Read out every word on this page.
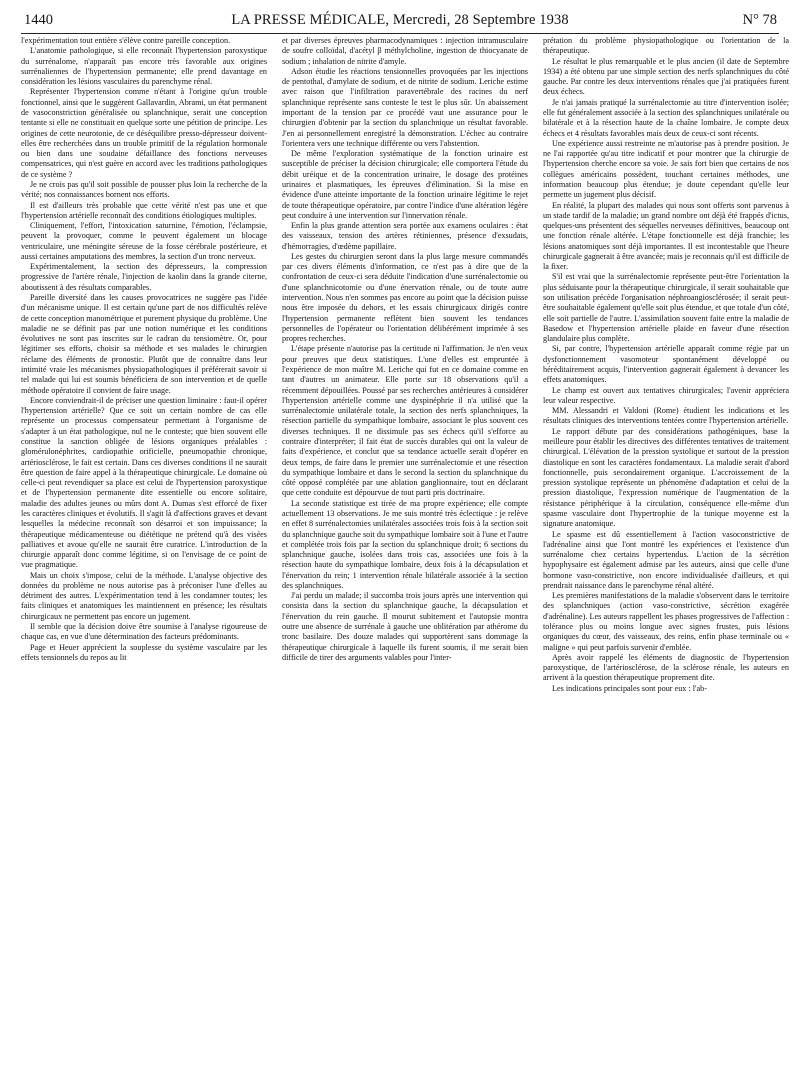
1440	LA PRESSE MÉDICALE, Mercredi, 28 Septembre 1938	N° 78

l'expérimentation tout entière s'élève contre pareille conception.

L'anatomie pathologique, si elle reconnaît l'hypertension paroxystique du surrénalome, n'apparaît pas encore très favorable aux origines surrénaliennes de l'hypertension permanente; elle prend davantage en considération les lésions vasculaires du parenchyme rénal.

Représenter l'hypertension comme n'étant à l'origine qu'un trouble fonctionnel, ainsi que le suggèrent Gallavardin, Abrami, un état permanent de vasoconstriction généralisée ou splanchnique, serait une conception tentante si elle ne constituait en quelque sorte une pétition de principe. Les origines de cette neurotonie, de ce déséquilibre presso-dépresseur doivent-elles être recherchées dans un trouble primitif de la régulation hormonale ou bien dans une soudaine défaillance des fonctions nerveuses compensatrices, qui n'est guère en accord avec les traditions pathologiques de ce système ?

Je ne crois pas qu'il soit possible de pousser plus loin la recherche de la vérité; nos connaissances bornent nos efforts.

Il est d'ailleurs très probable que cette vérité n'est pas une et que l'hypertension artérielle reconnaît des conditions étiologiques multiples.

Cliniquement, l'effort, l'intoxication saturnine, l'émotion, l'éclampsie, peuvent la provoquer, comme le peuvent également un blocage ventriculaire, une méningite séreuse de la fosse cérébrale postérieure, et aussi certaines amputations des membres, la section d'un tronc nerveux.

Expérimentalement, la section des dépresseurs, la compression progressive de l'artère rénale, l'injection de kaolin dans la grande citerne, aboutissent à des résultats comparables.

Pareille diversité dans les causes provocatrices ne suggère pas l'idée d'un mécanisme unique. Il est certain qu'une part de nos difficultés relève de cette conception manométrique et purement physique du problème. Une maladie ne se définit pas par une notion numérique et les conditions évolutives ne sont pas inscrites sur le cadran du tensiomètre. Or, pour légitimer ses efforts, choisir sa méthode et ses malades le chirurgien réclame des éléments de pronostic. Plutôt que de connaître dans leur intimité vraie les mécanismes physiopathologiques il préférerait savoir si tel malade qui lui est soumis bénéficiera de son intervention et de quelle méthode opératoire il convient de faire usage.

Encore conviendrait-il de préciser une question liminaire : faut-il opérer l'hypertension artérielle? Que ce soit un certain nombre de cas elle représente un processus compensateur permettant à l'organisme de s'adapter à un état pathologique, nul ne le conteste; que bien souvent elle constitue la sanction obligée de lésions organiques préalables : glomérulonéphrites, cardiopathie orificielle, pneumopathie chronique, artériosclérose, le fait est certain. Dans ces diverses conditions il ne saurait être question de faire appel à la thérapeutique chirurgicale. Le domaine où celle-ci peut revendiquer sa place est celui de l'hypertension paroxystique et de l'hypertension permanente dite essentielle ou encore solitaire, maladie des adultes jeunes ou mûrs dont A. Dumas s'est efforcé de fixer les caractères cliniques et évolutifs. Il s'agit là d'affections graves et devant lesquelles la médecine reconnaît son désarroi et son impuissance; la thérapeutique médicamenteuse ou diététique ne prétend qu'à des visées palliatives et avoue qu'elle ne saurait être curatrice. L'introduction de la chirurgie apparaît donc comme légitime, si on l'envisage de ce point de vue pragmatique.

Mais un choix s'impose, celui de la méthode. L'analyse objective des données du problème ne nous autorise pas à préconiser l'une d'elles au détriment des autres. L'expérimentation tend à les condamner toutes; les faits cliniques et anatomiques les maintiennent en présence; les résultats chirurgicaux ne permettent pas encore un jugement.

Il semble que la décision doive être soumise à l'analyse rigoureuse de chaque cas, en vue d'une détermination des facteurs prédominants.

Page et Heuer apprécient la souplesse du système vasculaire par les effets tensionnels du repos au lit

et par diverses épreuves pharmacodynamiques : injection intramusculaire de soufre colloïdal, d'acétyl β méthylcholine, ingestion de thiocyanate de sodium ; inhalation de nitrite d'amyle.

Adson étudie les réactions tensionnelles provoquées par les injections de pentothal, d'amylate de sodium, et de nitrite de sodium. Leriche estime avec raison que l'infiltration paravertébrale des racines du nerf splanchnique représente sans conteste le test le plus sûr. Un abaissement important de la tension par ce procédé vaut une assurance pour le chirurgien d'obtenir par la section du splanchnique un résultat favorable. J'en ai personnellement enregistré la démonstration. L'échec au contraire l'orientera vers une technique différente ou vers l'abstention.

De même l'exploration systématique de la fonction urinaire est susceptible de préciser la décision chirurgicale; elle comportera l'étude du débit uréique et de la concentration urinaire, le dosage des protéines urinaires et plasmatiques, les épreuves d'élimination. Si la mise en évidence d'une atteinte importante de la fonction urinaire légitime le rejet de toute thérapeutique opératoire, par contre l'indice d'une altération légère peut conduire à une intervention sur l'innervation rénale.

Enfin la plus grande attention sera portée aux examens oculaires : état des vaisseaux, tension des artères rétiniennes, présence d'exsudats, d'hémorragies, d'œdème papillaire.

Les gestes du chirurgien seront dans la plus large mesure commandés par ces divers éléments d'information, ce n'est pas à dire que de la confrontation de ceux-ci sera déduite l'indication d'une surrénalectomie ou d'une splanchnicotomie ou d'une énervation rénale, ou de toute autre intervention. Nous n'en sommes pas encore au point que la décision puisse nous être imposée du dehors, et les essais chirurgicaux dirigés contre l'hypertension permanente reflètent bien souvent les tendances personnelles de l'opérateur ou l'orientation délibérément imprimée à ses propres recherches.

L'étape présente n'autorise pas la certitude ni l'affirmation. Je n'en veux pour preuves que deux statistiques. L'une d'elles est empruntée à l'expérience de mon maître M. Leriche qui fut en ce domaine comme en tant d'autres un animateur. Elle porte sur 18 observations qu'il a récemment dépouillées. Poussé par ses recherches antérieures à considérer l'hypertension artérielle comme une dyspinéphrie il n'a utilisé que la surrénalectomie unilatérale totale, la section des nerfs splanchniques, la résection partielle du sympathique lombaire, associant le plus souvent ces diverses techniques. Il ne dissimule pas ses échecs qu'il s'efforce au contraire d'interpréter; il fait état de succès durables qui ont la valeur de faits d'expérience, et conclut que sa tendance actuelle serait d'opérer en deux temps, de faire dans le premier une surrénalectomie et une résection du sympathique lombaire et dans le second la section du splanchnique du côté opposé complétée par une ablation ganglionnaire, tout en déclarant que cette conduite est dépourvue de tout parti pris doctrinaire.

La seconde statistique est tirée de ma propre expérience; elle compte actuellement 13 observations. Je me suis montré très éclectique : je relève en effet 8 surrénalectomies unilatérales associées trois fois à la section soit du splanchnique gauche soit du sympathique lombaire soit à l'une et l'autre et complétée trois fois par la section du splanchnique droit; 6 sections du splanchnique gauche, isolées dans trois cas, associées une fois à la résection haute du sympathique lombaire, deux fois à la décapsulation et l'énervation du rein; 1 intervention rénale bilatérale associée à la section des splanchniques.

J'ai perdu un malade; il succomba trois jours après une intervention qui consista dans la section du splanchnique gauche, la décapsulation et l'énervation du rein gauche. Il mourut subitement et l'autopsie montra outre une absence de surrénale à gauche une oblitération par athérome du tronc basilaire. Des douze malades qui supportèrent sans dommage la thérapeutique chirurgicale à laquelle ils furent soumis, il me serait bien difficile de tirer des arguments valables pour l'inter-

prétation du problème physiopathologique ou l'orientation de la thérapeutique.

Le résultat le plus remarquable et le plus ancien (il date de Septembre 1934) a été obtenu par une simple section des nerfs splanchniques du côté gauche. Par contre les deux interventions rénales que j'ai pratiquées furent deux échecs.

Je n'ai jamais pratiqué la surrénalectomie au titre d'intervention isolée; elle fut généralement associée à la section des splanchniques unilatérale ou bilatérale et à la résection haute de la chaîne lombaire. Je compte deux échecs et 4 résultats favorables mais deux de ceux-ci sont récents.

Une expérience aussi restreinte ne m'autorise pas à prendre position. Je ne l'ai rapportée qu'au titre indicatif et pour montrer que la chirurgie de l'hypertension cherche encore sa voie. Je sais fort bien que certains de nos collègues américains possèdent, touchant certaines méthodes, une information beaucoup plus étendue; je doute cependant qu'elle leur permette un jugement plus décisif.

En réalité, la plupart des malades qui nous sont offerts sont parvenus à un stade tardif de la maladie; un grand nombre ont déjà été frappés d'ictus, quelques-uns présentent des séquelles nerveuses définitives, beaucoup ont une fonction rénale altérée. L'étape fonctionnelle est déjà franchie; les lésions anatomiques sont déjà importantes. Il est incontestable que l'heure chirurgicale gagnerait à être avancée; mais je reconnais qu'il est difficile de la fixer.

S'il est vrai que la surrénalectomie représente peut-être l'orientation la plus séduisante pour la thérapeutique chirurgicale, il serait souhaitable que son utilisation précède l'organisation néphroangiosclérosée; il serait peut-être souhaitable également qu'elle soit plus étendue, et que totale d'un côté, elle soit partielle de l'autre. L'assimilation souvent faite entre la maladie de Basedow et l'hypertension artérielle plaide en faveur d'une résection glandulaire plus complète.

Si, par contre, l'hypertension artérielle apparaît comme régie par un dysfonctionnement vasomoteur spontanément développé ou héréditairement acquis, l'intervention gagnerait également à devancer les effets anatomiques.

Le champ est ouvert aux tentatives chirurgicales; l'avenir appréciera leur valeur respective.

MM. Alessandri et Valdoni (Rome) étudient les indications et les résultats cliniques des interventions tentées contre l'hypertension artérielle.

Le rapport débute par des considérations pathogéniques, base la meilleure pour établir les directives des différentes tentatives de traitement chirurgical. L'élévation de la pression systolique et surtout de la pression diastolique en sont les caractères fondamentaux. La maladie serait d'abord fonctionnelle, puis secondairement organique. L'accroissement de la pression systolique représente un phénomène d'adaptation et celui de la pression diastolique, l'expression numérique de l'augmentation de la résistance périphérique à la circulation, conséquence elle-même d'un spasme vasculaire dont l'hypertrophie de la tunique moyenne est la signature anatomique.

Le spasme est dû essentiellement à l'action vasoconstrictive de l'adrénaline ainsi que l'ont montré les expériences et l'existence d'un surrénalome chez certains hypertendus. L'action de la sécrétion hypophysaire est également admise par les auteurs, ainsi que celle d'une hormone vaso-constrictive, non encore individualisée d'ailleurs, et qui prendrait naissance dans le parenchyme rénal altéré.

Les premières manifestations de la maladie s'observent dans le territoire des splanchniques (action vaso-constrictive, sécrétion exagérée d'adrénaline). Les auteurs rappellent les phases progressives de l'affection : tolérance plus ou moins longue avec signes frustes, puis lésions organiques du cœur, des vaisseaux, des reins, enfin phase terminale ou « maligne » qui peut parfois survenir d'emblée.

Après avoir rappelé les éléments de diagnostic de l'hypertension paroxystique, de l'artériosclérose, de la sclérose rénale, les auteurs en arrivent à la question thérapeutique proprement dite.

Les indications principales sont pour eux : l'ab-
